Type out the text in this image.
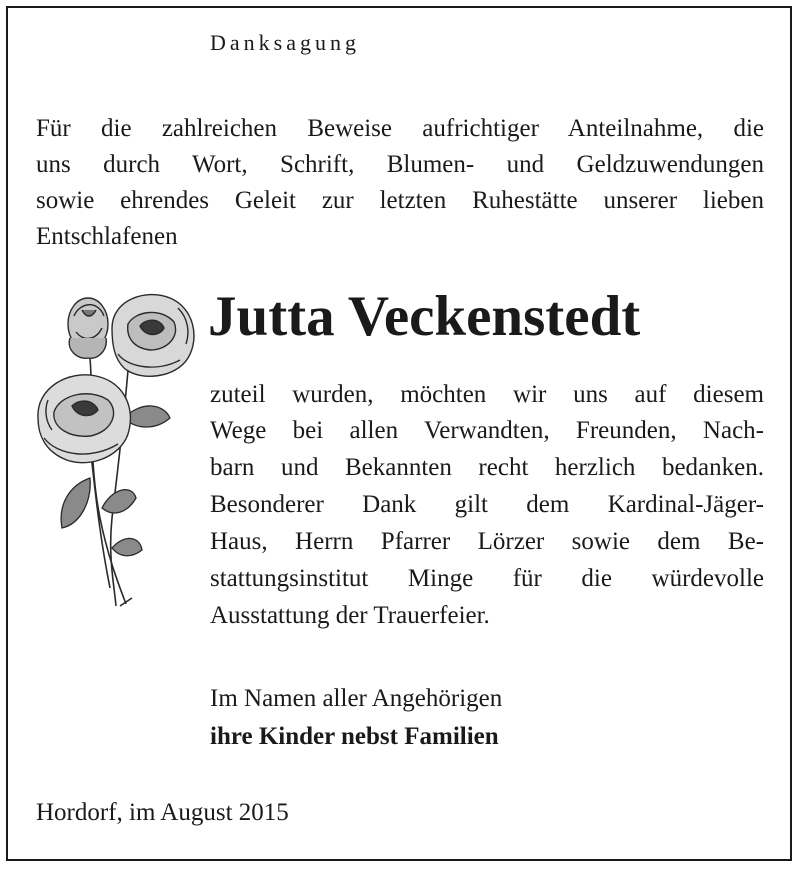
Danksagung
Für die zahlreichen Beweise aufrichtiger Anteilnahme, die
uns durch Wort, Schrift, Blumen- und Geldzuwendungen
sowie ehrendes Geleit zur letzten Ruhestätte unserer lieben
Entschlafenen
Jutta Veckenstedt
zuteil wurden, möchten wir uns auf diesem
Wege bei allen Verwandten, Freunden, Nach-
barn und Bekannten recht herzlich bedanken.
Besonderer Dank gilt dem Kardinal-Jäger-
Haus, Herrn Pfarrer Lörzer sowie dem Be-
stattungsinstitut Minge für die würdevolle
Ausstattung der Trauerfeier.
Im Namen aller Angehörigen
ihre Kinder nebst Familien
Hordorf, im August 2015
